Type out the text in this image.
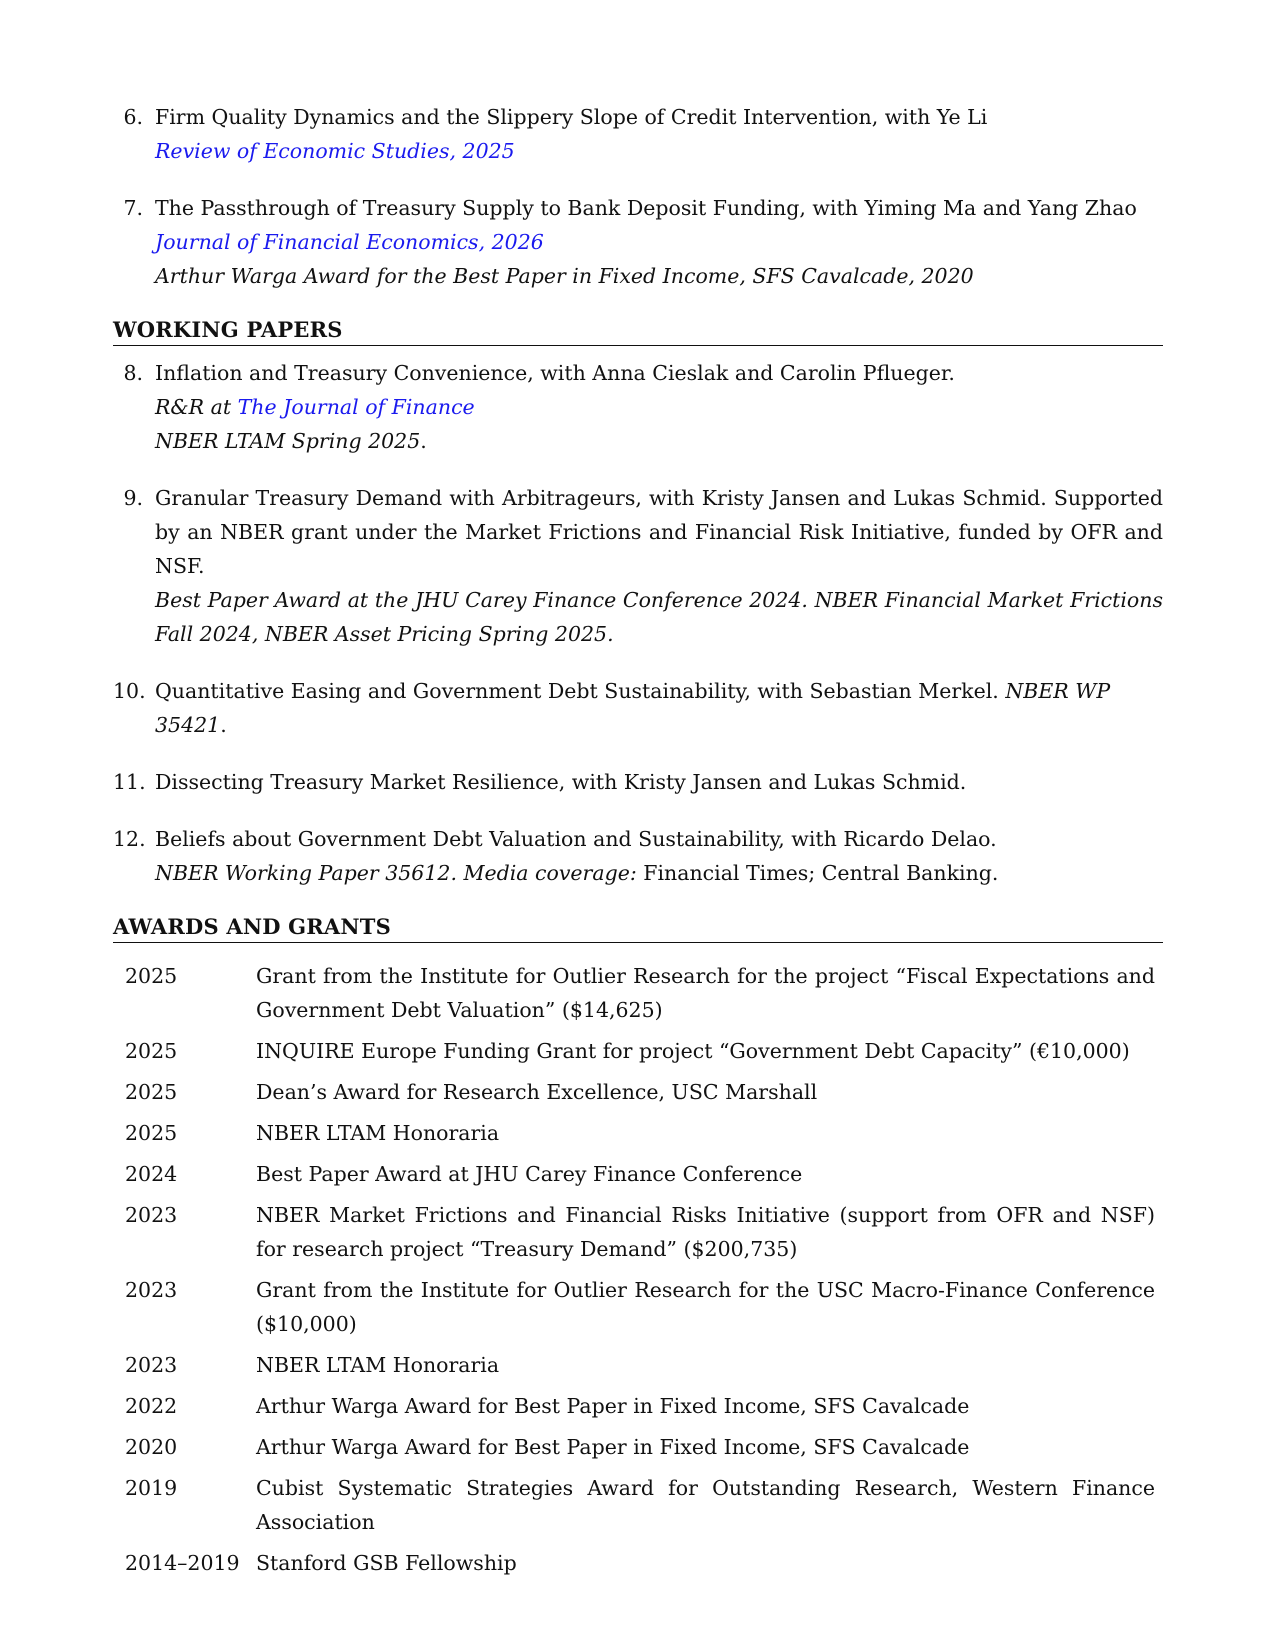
6. Firm Quality Dynamics and the Slippery Slope of Credit Intervention, with Ye Li
Review of Economic Studies, 2025
7. The Passthrough of Treasury Supply to Bank Deposit Funding, with Yiming Ma and Yang Zhao
Journal of Financial Economics, 2026
Arthur Warga Award for the Best Paper in Fixed Income, SFS Cavalcade, 2020
WORKING PAPERS
8. Inflation and Treasury Convenience, with Anna Cieslak and Carolin Pflueger.
R&R at The Journal of Finance
NBER LTAM Spring 2025.
9. Granular Treasury Demand with Arbitrageurs, with Kristy Jansen and Lukas Schmid. Supported by an NBER grant under the Market Frictions and Financial Risk Initiative, funded by OFR and NSF.
Best Paper Award at the JHU Carey Finance Conference 2024. NBER Financial Market Frictions Fall 2024, NBER Asset Pricing Spring 2025.
10. Quantitative Easing and Government Debt Sustainability, with Sebastian Merkel. NBER WP 35421.
11. Dissecting Treasury Market Resilience, with Kristy Jansen and Lukas Schmid.
12. Beliefs about Government Debt Valuation and Sustainability, with Ricardo Delao.
NBER Working Paper 35612. Media coverage: Financial Times; Central Banking.
AWARDS AND GRANTS
2025	Grant from the Institute for Outlier Research for the project “Fiscal Expectations and Government Debt Valuation” ($14,625)
2025	INQUIRE Europe Funding Grant for project “Government Debt Capacity” (€10,000)
2025	Dean’s Award for Research Excellence, USC Marshall
2025	NBER LTAM Honoraria
2024	Best Paper Award at JHU Carey Finance Conference
2023	NBER Market Frictions and Financial Risks Initiative (support from OFR and NSF) for research project “Treasury Demand” ($200,735)
2023	Grant from the Institute for Outlier Research for the USC Macro-Finance Conference ($10,000)
2023	NBER LTAM Honoraria
2022	Arthur Warga Award for Best Paper in Fixed Income, SFS Cavalcade
2020	Arthur Warga Award for Best Paper in Fixed Income, SFS Cavalcade
2019	Cubist Systematic Strategies Award for Outstanding Research, Western Finance Association
2014–2019 Stanford GSB Fellowship
